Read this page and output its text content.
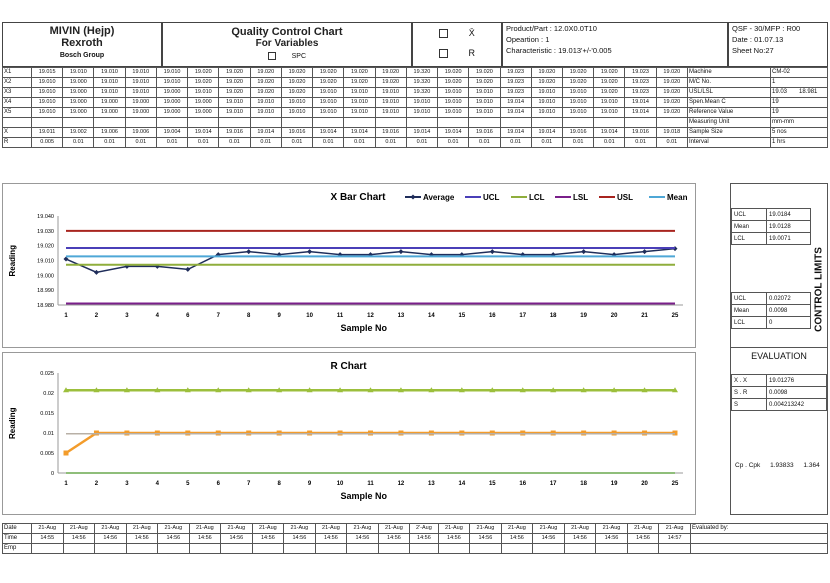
MIVIN (Hejp)
Rexroth
Bosch Group
Quality Control Chart
For Variables
SPC
X̄
R
Product/Part : 12.0X0.0T10
Opeartion : 1
Characteristic : 19.013'+/-'0.005
QSF - 30/MFP : R00
Date : 01.07.13
Sheet No:27
X1	19.015	19.010	19.010	19.010	19.010	19.020	19.020	19.020	19.020	19.020	19.020	19.020	19.320	19.020	19.020	19.023	19.020	19.020	19.020	19.023	19.020	Machine	CM-02
X2	19.010	19.000	19.010	19.010	19.010	19.020	19.020	19.020	19.020	19.020	19.020	19.020	19.320	19.020	19.020	19.023	19.020	19.020	19.020	19.023	19.020	M/C No.	1
X3	19.010	19.000	19.010	19.010	19.000	19.010	19.020	19.020	19.020	19.010	19.010	19.010	19.320	19.010	19.010	19.023	19.010	19.010	19.020	19.023	19.020	USL/LSL	19.03 18.981
X4	19.010	19.000	19.000	19.000	19.000	19.000	19.010	19.010	19.010	19.010	19.010	19.010	19.010	19.010	19.010	19.014	19.010	19.010	19.010	19.014	19.020	Spen.Mean C	19
X5	19.010	19.000	19.000	19.000	19.000	19.000	19.010	19.010	19.010	19.010	19.010	19.010	19.010	19.010	19.010	19.014	19.010	19.010	19.010	19.014	19.020	Reference Value	19
																						Measuring Unit	mm-mm
X̄	19.011	19.002	19.006	19.006	19.004	19.014	19.016	19.014	19.016	19.014	19.014	19.016	19.014	19.014	19.016	19.014	19.014	19.016	19.014	19.016	19.018	Sample Size	5 nos
R	0.005	0.01	0.01	0.01	0.01	0.01	0.01	0.01	0.01	0.01	0.01	0.01	0.01	0.01	0.01	0.01	0.01	0.01	0.01	0.01	0.01	Interval	1 hrs
X Bar Chart
Sample No
Reading
19.040
19.030
19.020
19.010
19.000
18.990
18.980
1	2	3	4	6	7	8	9	10	11	12	13	14	15	16	17	18	19	20	21	25
Average	UCL	LCL	LSL	USL	Mean
R Chart
Sample No
Reading
0.025
0.02
0.015
0.01
0.005
0
1	2	3	4	5	6	7	8	9	10	11	12	13	14	15	16	17	18	19	20	25
UCL	19.0184
Mean	19.0128
LCL	19.0071
UCL	0.02072
Mean	0.0098
LCL	0	CONTROL LIMITS
EVALUATION
X . X	19.01276
S . R	0.0098
S	0.004213242
Cp . Cpk 1.93833 1.364
Date	21-Aug	21-Aug	21-Aug	21-Aug	21-Aug	21-Aug	21-Aug	21-Aug	21-Aug	21-Aug	21-Aug	21-Aug	2'-Aug	21-Aug	21-Aug	21-Aug	21-Aug	21-Aug	21-Aug	21-Aug	21-Aug	Evaluated by:
Time	14:55	14:56	14:56	14:56	14:56	14:56	14:56	14:56	14:56	14:56	14:56	14:56	14:56	14:56	14:56	14:56	14:56	14:56	14:56	14:56	14:57	
Emp																						
